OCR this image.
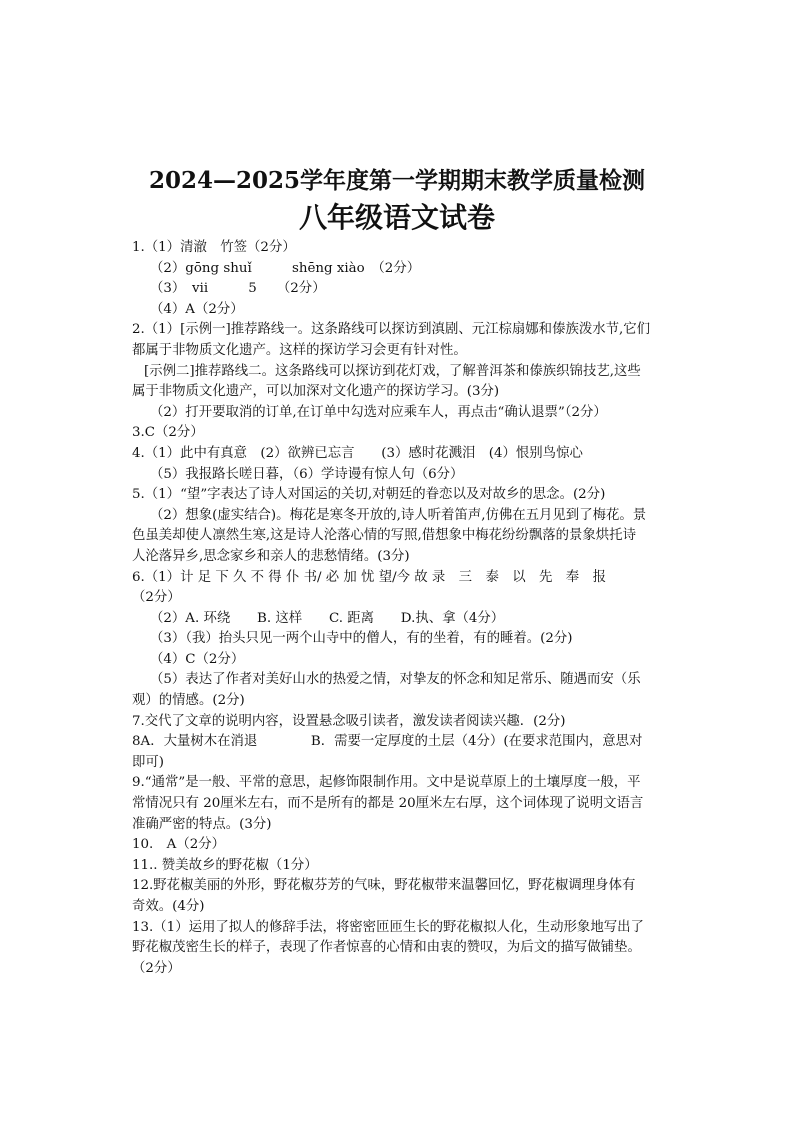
2024—2025学年度第一学期期末教学质量检测
八年级语文试卷
1.（1）清澈　竹签（2分）
（2）gōng shuǐ　　　shēng xiào　（2分）
（3）　ⅶ　　　5　　（2分）
（4）A（2分）
2.（1）[示例一]推荐路线一。这条路线可以探访到滇剧、元江棕扇娜和傣族泼水节,它们
都属于非物质文化遗产。这样的探访学习会更有针对性。
[示例二]推荐路线二。这条路线可以探访到花灯戏，了解普洱茶和傣族织锦技艺,这些
属于非物质文化遗产，可以加深对文化遗产的探访学习。(3分)
（2）打开要取消的订单,在订单中勾选对应乘车人，再点击“确认退票”（2分）
3.C（2分）
4.（1）此中有真意　(2）欲辨已忘言　　(3）感时花溅泪　(4）恨别鸟惊心
（5）我报路长嗟日暮，（6）学诗谩有惊人句（6分）
5.（1）“望”字表达了诗人对国运的关切,对朝廷的眷恋以及对故乡的思念。(2分)
（2）想象(虚实结合)。梅花是寒冬开放的,诗人听着笛声,仿佛在五月见到了梅花。景
色虽美却使人凛然生寒,这是诗人沦落心情的写照,借想象中梅花纷纷飘落的景象烘托诗
人沦落异乡,思念家乡和亲人的悲愁情绪。(3分)
6.（1）计 足 下 久 不 得 仆 书/ 必 加 忧 望/今 故 录　三　泰　以　先　奉　报
（2分）
（2）A. 环绕　　B. 这样　　C. 距离　　D.执、拿（4分）
（3）（我）抬头只见一两个山寺中的僧人，有的坐着，有的睡着。(2分)
（4）C（2分）
（5）表达了作者对美好山水的热爱之情，对挚友的怀念和知足常乐、随遇而安（乐
观）的情感。(2分)
7.交代了文章的说明内容，设置悬念吸引读者，激发读者阅读兴趣．(2分)
8A．大量树木在消退　　　　B．需要一定厚度的土层（4分）(在要求范围内，意思对
即可)
9.“通常”是一般、平常的意思，起修饰限制作用。文中是说草原上的土壤厚度一般，平
常情况只有 20厘米左右，而不是所有的都是 20厘米左右厚，这个词体现了说明文语言
准确严密的特点。(3分)
10.　A（2分）
11.. 赞美故乡的野花椒（1分）
12.野花椒美丽的外形，野花椒芬芳的气味，野花椒带来温馨回忆，野花椒调理身体有
奇效。(4分)
13.（1）运用了拟人的修辞手法，将密密匝匝生长的野花椒拟人化，生动形象地写出了
野花椒茂密生长的样子，表现了作者惊喜的心情和由衷的赞叹，为后文的描写做铺垫。
（2分）
